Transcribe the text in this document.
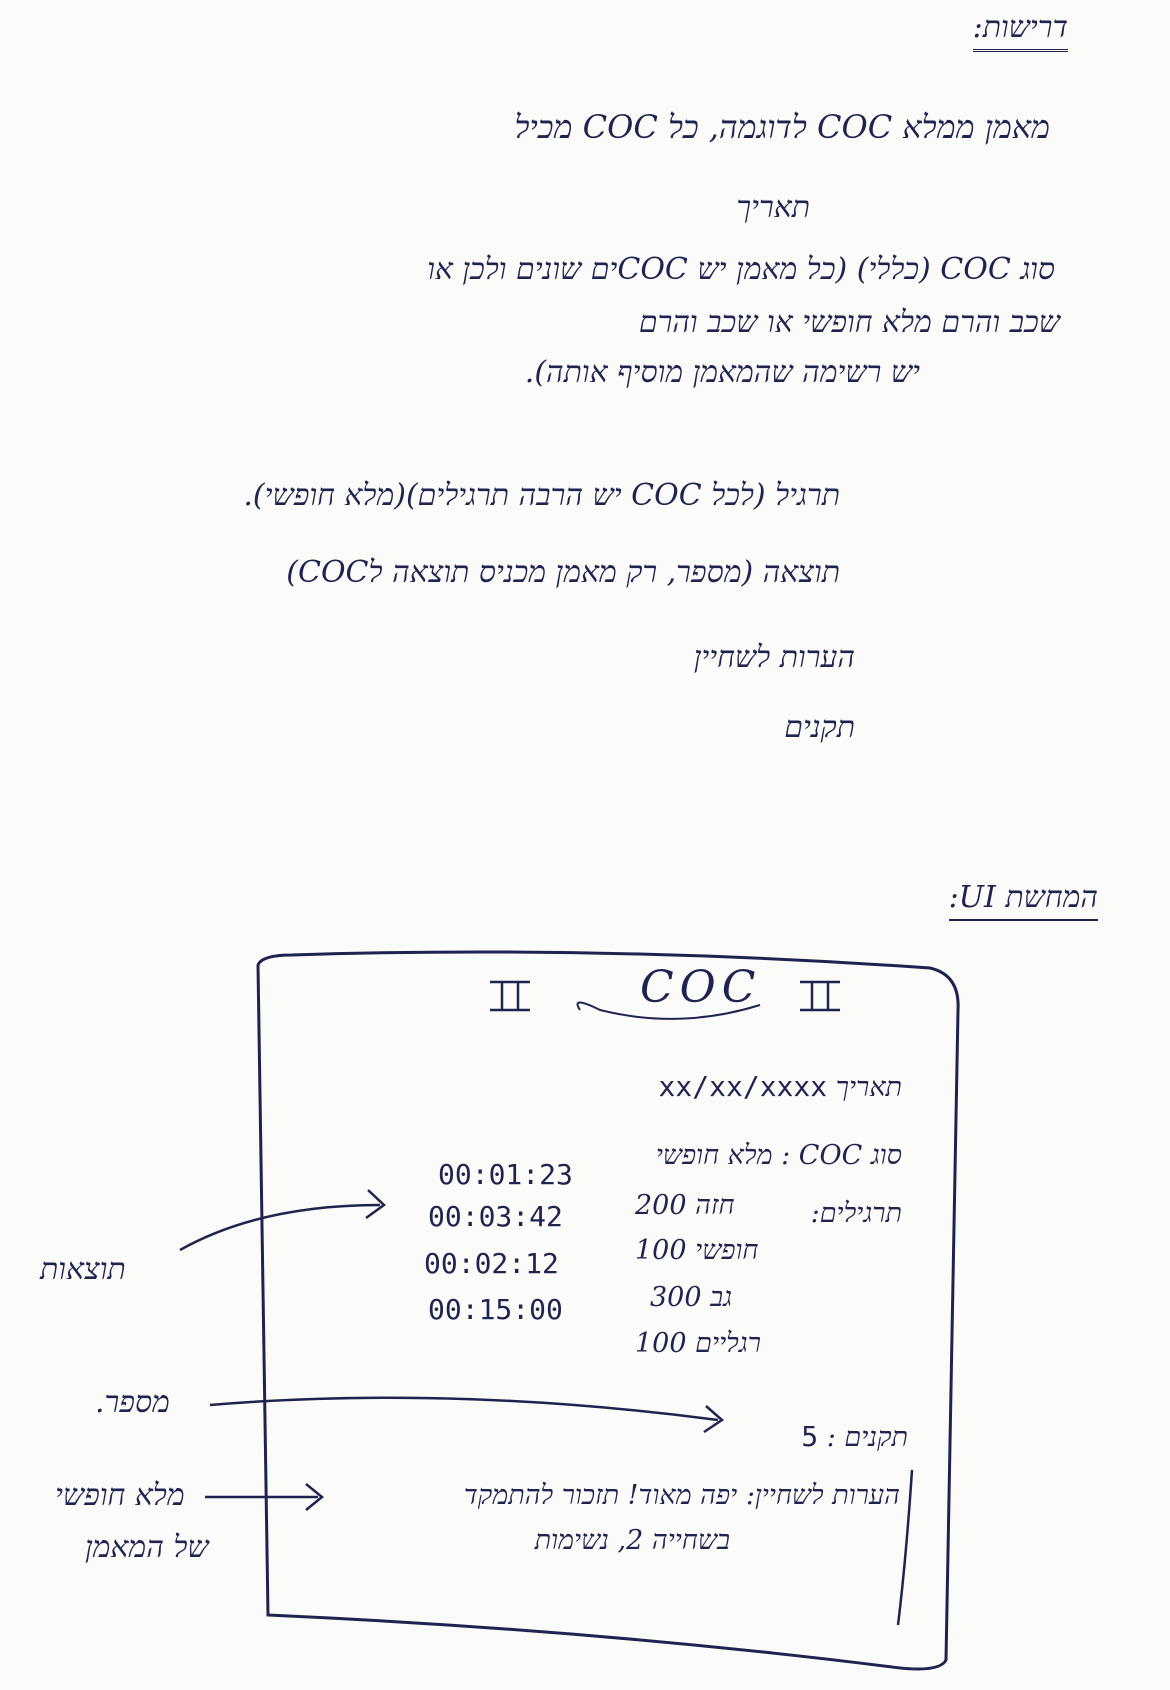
דרישות:
מאמן ממלא COC לדוגמה, כל COC מכיל
תאריך
סוג COC (כללי) (כל מאמן יש COCים שונים ולכן או
שכב והרם מלא חופשי או שכב והרם
יש רשימה שהמאמן מוסיף אותה).
תרגיל (לכל COC יש הרבה תרגילים)(מלא חופשי).
תוצאה (מספר, רק מאמן מכניס תוצאה לCOC)
הערות לשחיין
תקנים
המחשת UI:
COC
תאריך xx/xx/xxxx
סוג COC : מלא חופשי
תרגילים:
200 חזה
100 חופשי
300 גב
100 רגליים
00:01:23
00:03:42
00:02:12
00:15:00
תקנים : 5
הערות לשחיין: יפה מאוד! תזכור להתמקד
בשחייה 2, נשימות
תוצאות
מספר.
מלא חופשי
של המאמן
